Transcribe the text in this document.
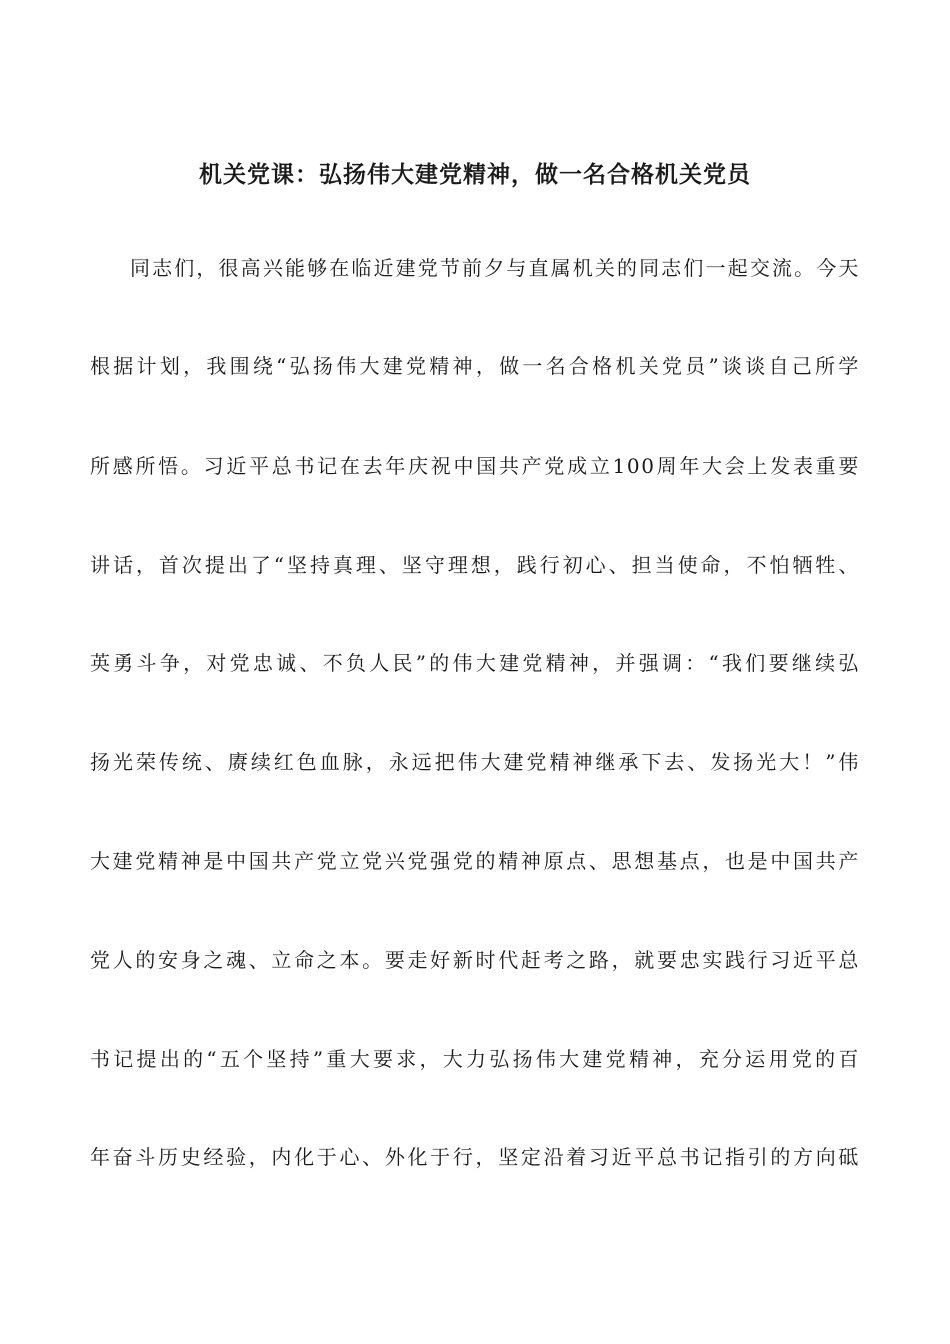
机关党课：弘扬伟大建党精神，做一名合格机关党员
同志们，很高兴能够在临近建党节前夕与直属机关的同志们一起交流。今天
根据计划，我围绕“弘扬伟大建党精神，做一名合格机关党员”谈谈自己所学
所感所悟。习近平总书记在去年庆祝中国共产党成立100周年大会上发表重要
讲话，首次提出了“坚持真理、坚守理想，践行初心、担当使命，不怕牺牲、
英勇斗争，对党忠诚、不负人民”的伟大建党精神，并强调：“我们要继续弘
扬光荣传统、赓续红色血脉，永远把伟大建党精神继承下去、发扬光大！”伟
大建党精神是中国共产党立党兴党强党的精神原点、思想基点，也是中国共产
党人的安身之魂、立命之本。要走好新时代赶考之路，就要忠实践行习近平总
书记提出的“五个坚持”重大要求，大力弘扬伟大建党精神，充分运用党的百
年奋斗历史经验，内化于心、外化于行，坚定沿着习近平总书记指引的方向砥
